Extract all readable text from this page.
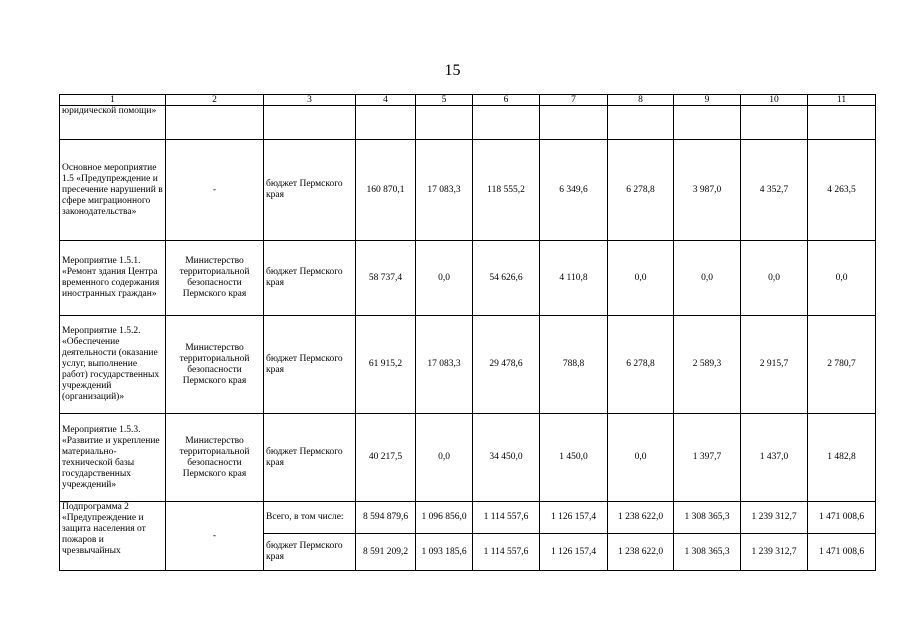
15
1	2	3	4	5	6	7	8	9	10	11
юридической помощи»										
Основное мероприятие 1.5 «Предупреждение и пресечение нарушений в сфере миграционного законодательства»	-	бюджет Пермского края	160 870,1	17 083,3	118 555,2	6 349,6	6 278,8	3 987,0	4 352,7	4 263,5
Мероприятие 1.5.1. «Ремонт здания Центра временного содержания иностранных граждан»	Министерство территориальной безопасности Пермского края	бюджет Пермского края	58 737,4	0,0	54 626,6	4 110,8	0,0	0,0	0,0	0,0
Мероприятие 1.5.2. «Обеспечение деятельности (оказание услуг, выполнение работ) государственных учреждений (организаций)»	Министерство территориальной безопасности Пермского края	бюджет Пермского края	61 915,2	17 083,3	29 478,6	788,8	6 278,8	2 589,3	2 915,7	2 780,7
Мероприятие 1.5.3. «Развитие и укрепление материально-технической базы государственных учреждений»	Министерство территориальной безопасности Пермского края	бюджет Пермского края	40 217,5	0,0	34 450,0	1 450,0	0,0	1 397,7	1 437,0	1 482,8
Подпрограмма 2 «Предупреждение и защита населения от пожаров и чрезвычайных	-	Всего, в том числе:	8 594 879,6	1 096 856,0	1 114 557,6	1 126 157,4	1 238 622,0	1 308 365,3	1 239 312,7	1 471 008,6
		бюджет Пермского края	8 591 209,2	1 093 185,6	1 114 557,6	1 126 157,4	1 238 622,0	1 308 365,3	1 239 312,7	1 471 008,6
